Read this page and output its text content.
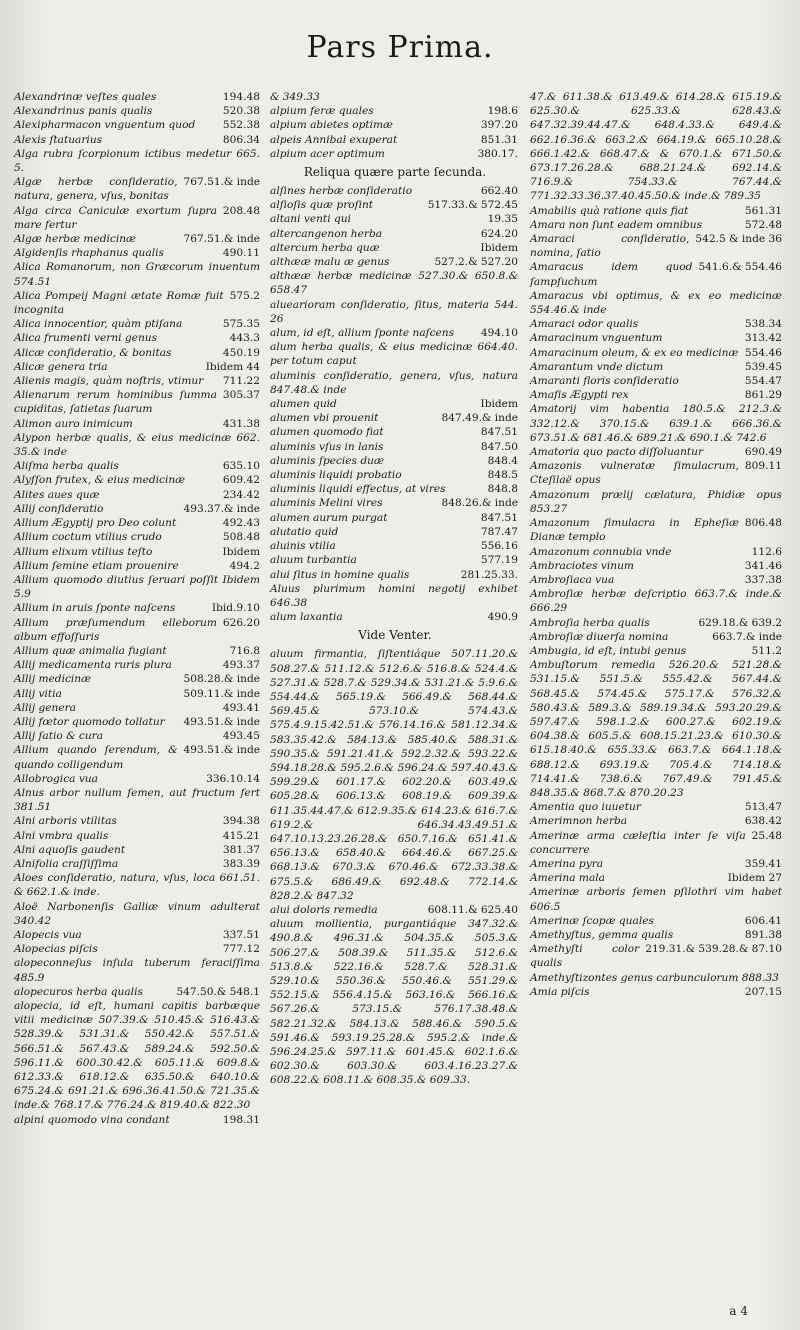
Pars Prima.
194.48
Alexandrinæ veſtes quales
520.38
Alexandrinus panis qualis
552.38
Alexipharmacon vnguentum quod
806.34
Alexis ſtatuarius
Alga rubra ſcorpionum ictibus medetur 665. 5.
767.51.& inde
Algæ herbæ conſideratio, natura, genera, vſus, bonitas
208.48
Alga circa Caniculæ exortum ſupra mare fertur
767.51.& inde
Algæ herbæ medicinæ
490.11
Algidenſis rhaphanus qualis
Alica Romanorum, non Græcorum inuentum 574.51
575.2
Alica Pompeij Magni ætate Romæ fuit incognita
575.35
Alica innocentior, quàm ptiſana
443.3
Alica frumenti verni genus
450.19
Alicæ conſideratio, & bonitas
Ibidem 44
Alicæ genera tria
711.22
Alienis magis, quàm noſtris, vtimur
305.37
Alienarum rerum hominibus ſumma cupiditas, ſatietas ſuarum
431.38
Alimon auro inimicum
Alypon herbæ qualis, & eius medicinæ 662. 35.& inde
635.10
Aliſma herba qualis
609.42
Alyſſon frutex, & eius medicinæ
234.42
Alites aues quæ
493.37.& inde
Allij conſideratio
492.43
Allium Ægyptij pro Deo colunt
508.48
Allium coctum vtilius crudo
Ibidem
Allium elixum vtilius teſto
494.2
Allium ſemine etiam prouenire
Allium quomodo diutius ſeruari poſſit Ibidem 5.9
Ibid.9.10
Allium in aruis ſponte naſcens
626.20
Allium præſumendum elleborum album effoſſuris
716.8
Allium quæ animalia fugiant
493.37
Allij medicamenta ruris plura
508.28.& inde
Allij medicinæ
509.11.& inde
Allij vitia
493.41
Allij genera
493.51.& inde
Allij fœtor quomodo tollatur
493.45
Allij ſatio & cura
493.51.& inde
Allium quando ſerendum, & quando colligendum
336.10.14
Allobrogica vua
Alnus arbor nullum ſemen, aut fructum fert 381.51
394.38
Alni arboris vtilitas
415.21
Alni vmbra qualis
381.37
Alni aquoſis gaudent
383.39
Alnifolia craſſiſſima
Aloes conſideratio, natura, vſus, loca 661.51. & 662.1.& inde.
Aloë Narbonenſis Galliæ vinum adulterat 340.42
337.51
Alopecis vua
777.12
Alopecias piſcis
alopeconneſus inſula tuberum feraciſſima 485.9
547.50.& 548.1
alopecuros herba qualis
alopecia, id eſt, humani capitis barbæque vitii medicinæ 507.39.& 510.45.& 516.43.& 528.39.& 531.31.& 550.42.& 557.51.& 566.51.& 567.43.& 589.24.& 592.50.& 596.11.& 600.30.42.& 605.11.& 609.8.& 612.33.& 618.12.& 635.50.& 640.10.& 675.24.& 691.21.& 696.36.41.50.& 721.35.& inde.& 768.17.& 776.24.& 819.40.& 822.30
198.31
alpini quomodo vina condant
& 349.33
198.6
alpium feræ quales
397.20
alpium abietes optimæ
851.31
alpeis Annibal exuperat
380.17.
alpium acer optimum
Reliqua quære parte ſecunda.
662.40
alſines herbæ conſideratio
517.33.& 572.45
alſioſis quæ proſint
19.35
altani venti qui
624.20
altercangenon herba
Ibidem
altercum herba quæ
527.2.& 527.20
althææ malu æ genus
althææ herbæ medicinæ 527.30.& 650.8.& 658.47
aluearioram conſideratio, ſitus, materia 544. 26
494.10
alum, id eſt, allium ſponte naſcens
alum herba qualis, & eius medicinæ 664.40. per totum caput
aluminis conſideratio, genera, vſus, natura 847.48.& inde
Ibidem
alumen quid
847.49.& inde
alumen vbi prouenit
847.51
alumen quomodo fiat
847.50
aluminis vſus in lanis
848.4
aluminis ſpecies duæ
848.5
aluminis liquidi probatio
848.8
aluminis liquidi effectus, at vires
848.26.& inde
aluminis Melini vires
847.51
alumen aurum purgat
787.47
alutatio quid
556.16
aluinis vtilia
577.19
aluum turbantia
281.25.33.
alui ſitus in homine qualis
Aluus plurimum homini negotij exhibet 646.38
490.9
alum laxantia
Vide Venter.
aluum firmantia, ſiſtentiáque 507.11.20.& 508.27.& 511.12.& 512.6.& 516.8.& 524.4.& 527.31.& 528.7.& 529.34.& 531.21.& 5.9.6.& 554.44.& 565.19.& 566.49.& 568.44.& 569.45.& 573.10.& 574.43.& 575.4.9.15.42.51.& 576.14.16.& 581.12.34.& 583.35.42.& 584.13.& 585.40.& 588.31.& 590.35.& 591.21.41.& 592.2.32.& 593.22.& 594.18.28.& 595.2.6.& 596.24.& 597.40.43.& 599.29.& 601.17.& 602.20.& 603.49.& 605.28.& 606.13.& 608.19.& 609.39.& 611.35.44.47.& 612.9.35.& 614.23.& 616.7.& 619.2.& 646.34.43.49.51.& 647.10.13.23.26.28.& 650.7.16.& 651.41.& 656.13.& 658.40.& 664.46.& 667.25.& 668.13.& 670.3.& 670.46.& 672.33.38.& 675.5.& 686.49.& 692.48.& 772.14.& 828.2.& 847.32
608.11.& 625.40
alui doloris remedia
aluum mollientia, purgantiáque 347.32.& 490.8.& 496.31.& 504.35.& 505.3.& 506.27.& 508.39.& 511.35.& 512.6.& 513.8.& 522.16.& 528.7.& 528.31.& 529.10.& 550.36.& 550.46.& 551.29.& 552.15.& 556.4.15.& 563.16.& 566.16.& 567.26.& 573.15.& 576.17.38.48.& 582.21.32.& 584.13.& 588.46.& 590.5.& 591.46.& 593.19.25.28.& 595.2.& inde.& 596.24.25.& 597.11.& 601.45.& 602.1.6.& 602.30.& 603.30.& 603.4.16.23.27.& 608.22.& 608.11.& 608.35.& 609.33.
47.& 611.38.& 613.49.& 614.28.& 615.19.& 625.30.& 625.33.& 628.43.& 647.32.39.44.47.& 648.4.33.& 649.4.& 662.16.36.& 663.2.& 664.19.& 665.10.28.& 666.1.42.& 668.47.& & 670.1.& 671.50.& 673.17.26.28.& 688.21.24.& 692.14.& 716.9.& 754.33.& 767.44.& 771.32.33.36.37.40.45.50.& inde.& 789.35
561.31
Amabilis quà ratione quis fiat
572.48
Amara non ſunt eadem omnibus
542.5 & inde 36
Amaraci conſideratio, nomina, ſatio
541.6.& 554.46
Amaracus idem quod ſampſuchum
Amaracus vbi optimus, & ex eo medicinæ 554.46.& inde
538.34
Amaraci odor qualis
313.42
Amaracinum vnguentum
554.46
Amaracinum oleum, & ex eo medicinæ
539.45
Amarantum vnde dictum
554.47
Amaranti floris conſideratio
861.29
Amaſis Ægypti rex
Amatorij vim habentia 180.5.& 212.3.& 332.12.& 370.15.& 639.1.& 666.36.& 673.51.& 681.46.& 689.21.& 690.1.& 742.6
690.49
Amatoria quo pacto diſſoluantur
809.11
Amazonis vulneratæ ſimulacrum, Cteſilaë opus
Amazonum prælij cælatura, Phidiæ opus 853.27
806.48
Amazonum ſimulacra in Epheſiæ Dianæ templo
112.6
Amazonum connubia vnde
341.46
Ambraciotes vinum
337.38
Ambroſiaca vua
Ambroſiæ herbæ deſcriptio 663.7.& inde.& 666.29
629.18.& 639.2
Ambroſia herba qualis
663.7.& inde
Ambroſiæ diuerſa nomina
511.2
Ambugia, id eſt, intubi genus
Ambuſtorum remedia 526.20.& 521.28.& 531.15.& 551.5.& 555.42.& 567.44.& 568.45.& 574.45.& 575.17.& 576.32.& 580.43.& 589.3.& 589.19.34.& 593.20.29.& 597.47.& 598.1.2.& 600.27.& 602.19.& 604.38.& 605.5.& 608.15.21.23.& 610.30.& 615.18.40.& 655.33.& 663.7.& 664.1.18.& 688.12.& 693.19.& 705.4.& 714.18.& 714.41.& 738.6.& 767.49.& 791.45.& 848.35.& 868.7.& 870.20.23
513.47
Amentia quo iuuetur
638.42
Amerimnon herba
25.48
Amerinæ arma cæleſtia inter ſe viſa concurrere
359.41
Amerina pyra
Ibidem 27
Amerina mala
Amerinæ arboris ſemen pſilothri vim habet 606.5
606.41
Amerinæ ſcopæ quales
891.38
Amethyſtus, gemma qualis
219.31.& 539.28.& 87.10
Amethyſti color qualis
Amethyſtizontes genus carbunculorum 888.33
207.15
Amia piſcis
a 4
